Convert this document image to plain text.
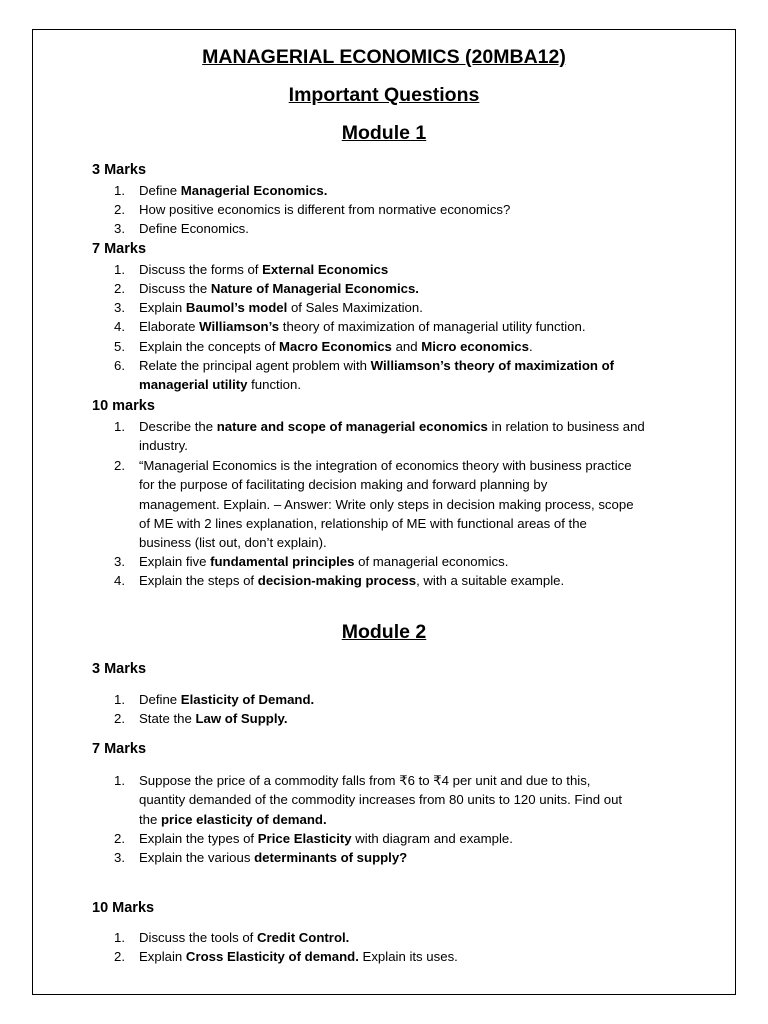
MANAGERIAL ECONOMICS (20MBA12)
Important Questions
Module 1
3 Marks
1. Define Managerial Economics.
2. How positive economics is different from normative economics?
3. Define Economics.
7 Marks
1. Discuss the forms of External Economics
2. Discuss the Nature of Managerial Economics.
3. Explain Baumol’s model of Sales Maximization.
4. Elaborate Williamson’s theory of maximization of managerial utility function.
5. Explain the concepts of Macro Economics and Micro economics.
6. Relate the principal agent problem with Williamson’s theory of maximization of
managerial utility function.
10 marks
1. Describe the nature and scope of managerial economics in relation to business and
industry.
2. “Managerial Economics is the integration of economics theory with business practice
for the purpose of facilitating decision making and forward planning by
management. Explain. – Answer: Write only steps in decision making process, scope
of ME with 2 lines explanation, relationship of ME with functional areas of the
business (list out, don’t explain).
3. Explain five fundamental principles of managerial economics.
4. Explain the steps of decision-making process, with a suitable example.
Module 2
3 Marks
1. Define Elasticity of Demand.
2. State the Law of Supply.
7 Marks
1. Suppose the price of a commodity falls from ₹6 to ₹4 per unit and due to this,
quantity demanded of the commodity increases from 80 units to 120 units. Find out
the price elasticity of demand.
2. Explain the types of Price Elasticity with diagram and example.
3. Explain the various determinants of supply?
10 Marks
1. Discuss the tools of Credit Control.
2. Explain Cross Elasticity of demand. Explain its uses.
